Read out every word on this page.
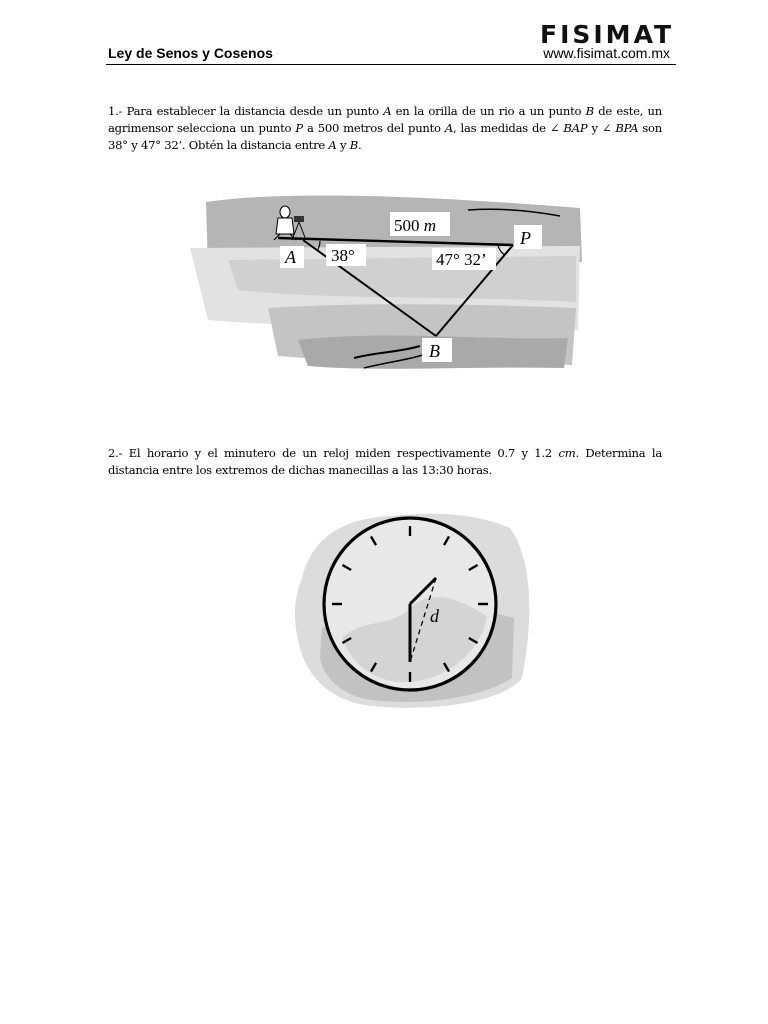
FISIMAT
Ley de Senos y Cosenos	www.fisimat.com.mx

1.- Para establecer la distancia desde un punto A en la orilla de un rio a un punto B de este, un agrimensor selecciona un punto P a 500 metros del punto A, las medidas de ∠ BAP y ∠ BPA son 38° y 47° 32’. Obtén la distancia entre A y B.

500 m
P
A 38°	47° 32’
B

2.- El horario y el minutero de un reloj miden respectivamente 0.7 y 1.2 cm. Determina la distancia entre los extremos de dichas manecillas a las 13:30 horas.

d
